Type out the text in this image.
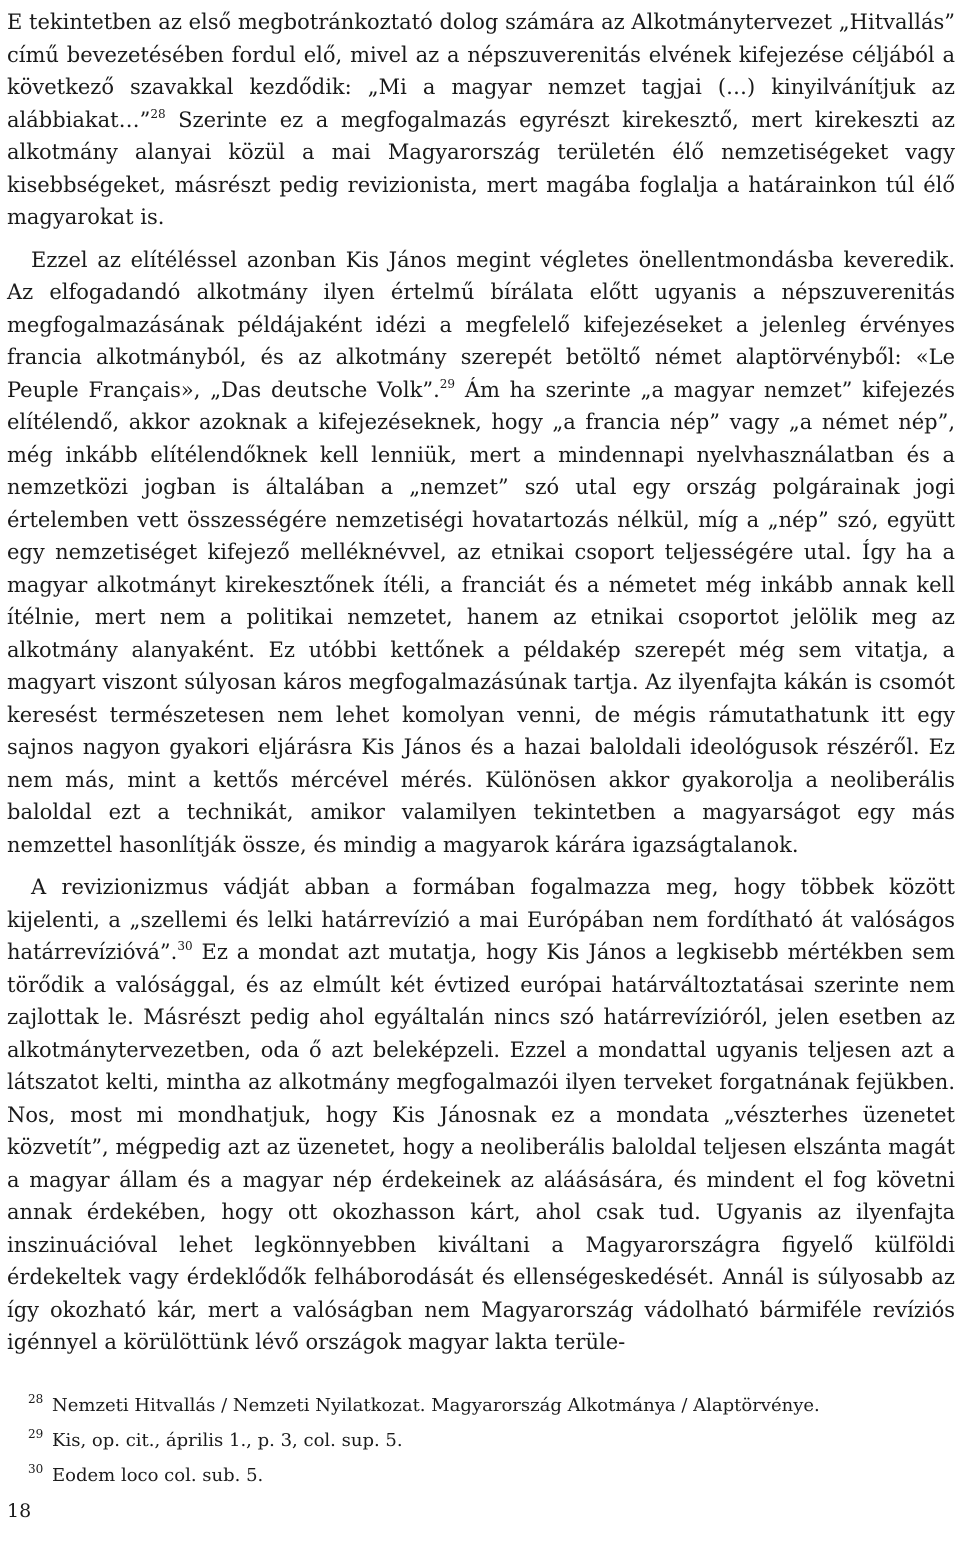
E tekintetben az első megbotránkoztató dolog számára az Alkotmánytervezet „Hitvallás” című bevezetésében fordul elő, mivel az a népszuverenitás elvének kifejezése céljából a következő szavakkal kezdődik: „Mi a magyar nemzet tagjai (…) kinyilvánítjuk az alábbiakat…”$^{28}$ Szerinte ez a megfogalmazás egyrészt kirekesztő, mert kirekeszti az alkotmány alanyai közül a mai Magyarország területén élő nemzetiségeket vagy kisebbségeket, másrészt pedig revizionista, mert magába foglalja a határainkon túl élő magyarokat is.

Ezzel az elítéléssel azonban Kis János megint végletes önellentmondásba keveredik. Az elfogadandó alkotmány ilyen értelmű bírálata előtt ugyanis a népszuverenitás megfogalmazásának példájaként idézi a megfelelő kifejezéseket a jelenleg érvényes francia alkotmányból, és az alkotmány szerepét betöltő német alaptörvényből: «Le Peuple Français», „Das deutsche Volk”.$^{29}$ Ám ha szerinte „a magyar nemzet” kifejezés elítélendő, akkor azoknak a kifejezéseknek, hogy „a francia nép” vagy „a német nép”, még inkább elítélendőknek kell lenniük, mert a mindennapi nyelvhasználatban és a nemzetközi jogban is általában a „nemzet” szó utal egy ország polgárainak jogi értelemben vett összességére nemzetiségi hovatartozás nélkül, míg a „nép” szó, együtt egy nemzetiséget kifejező melléknévvel, az etnikai csoport teljességére utal. Így ha a magyar alkotmányt kirekesztőnek ítéli, a franciát és a németet még inkább annak kell ítélnie, mert nem a politikai nemzetet, hanem az etnikai csoportot jelölik meg az alkotmány alanyaként. Ez utóbbi kettőnek a példakép szerepét még sem vitatja, a magyart viszont súlyosan káros megfogalmazásúnak tartja. Az ilyenfajta kákán is csomót keresést természetesen nem lehet komolyan venni, de mégis rámutathatunk itt egy sajnos nagyon gyakori eljárásra Kis János és a hazai baloldali ideológusok részéről. Ez nem más, mint a kettős mércével mérés. Különösen akkor gyakorolja a neoliberális baloldal ezt a technikát, amikor valamilyen tekintetben a magyarságot egy más nemzettel hasonlítják össze, és mindig a magyarok kárára igazságtalanok.

A revizionizmus vádját abban a formában fogalmazza meg, hogy többek között kijelenti, a „szellemi és lelki határrevízió a mai Európában nem fordítható át valóságos határrevízióvá”.$^{30}$ Ez a mondat azt mutatja, hogy Kis János a legkisebb mértékben sem törődik a valósággal, és az elmúlt két évtized európai határváltoztatásai szerinte nem zajlottak le. Másrészt pedig ahol egyáltalán nincs szó határrevízióról, jelen esetben az alkotmánytervezetben, oda ő azt beleképzeli. Ezzel a mondattal ugyanis teljesen azt a látszatot kelti, mintha az alkotmány megfogalmazói ilyen terveket forgatnának fejükben. Nos, most mi mondhatjuk, hogy Kis Jánosnak ez a mondata „vészterhes üzenetet közvetít”, mégpedig azt az üzenetet, hogy a neoliberális baloldal teljesen elszánta magát a magyar állam és a magyar nép érdekeinek az aláásására, és mindent el fog követni annak érdekében, hogy ott okozhasson kárt, ahol csak tud. Ugyanis az ilyenfajta inszinuációval lehet legkönnyebben kiváltani a Magyarországra figyelő külföldi érdekeltek vagy érdeklődők felháborodását és ellenségeskedését. Annál is súlyosabb az így okozható kár, mert a valóságban nem Magyarország vádolható bármiféle revíziós igénnyel a körülöttünk lévő országok magyar lakta terüle-

28 Nemzeti Hitvallás / Nemzeti Nyilatkozat. Magyarország Alkotmánya / Alaptörvénye.
29 Kis, op. cit., április 1., p. 3, col. sup. 5.
30 Eodem loco col. sub. 5.
18
